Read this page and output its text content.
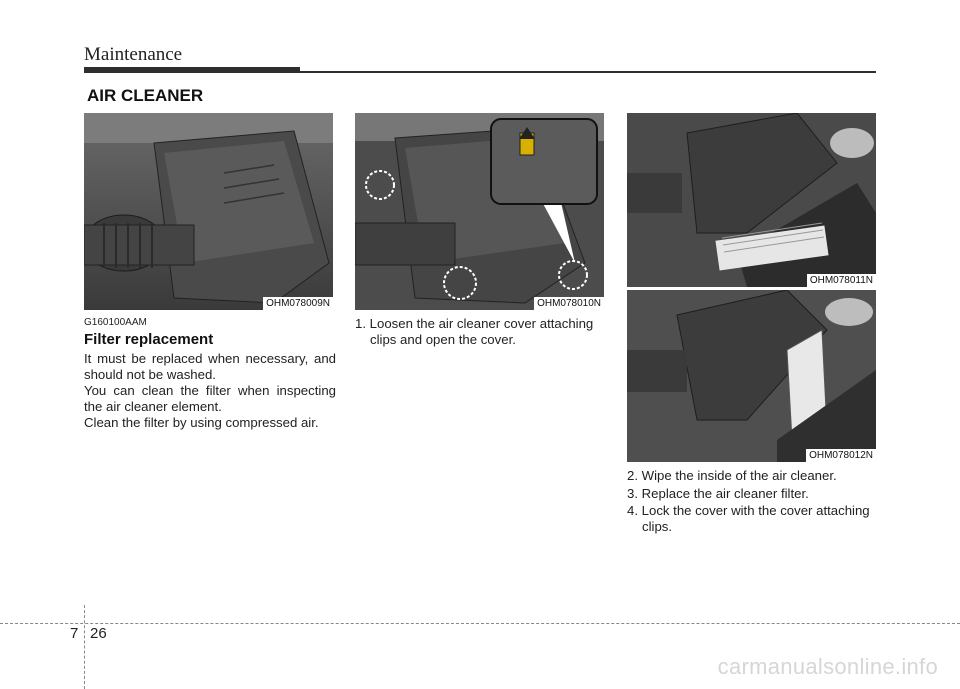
Maintenance
AIR CLEANER
OHM078009N	OHM078010N
OHM078011N
OHM078012N
G160100AAM
Filter replacement
It must be replaced when necessary, and should not be washed.
You can clean the filter when inspecting the air cleaner element.
Clean the filter by using compressed air.
1. Loosen the air cleaner cover attaching clips and open the cover.
2. Wipe the inside of the air cleaner.
3. Replace the air cleaner filter.
4. Lock the cover with the cover attaching clips.
7 26
carmanualsonline.info
